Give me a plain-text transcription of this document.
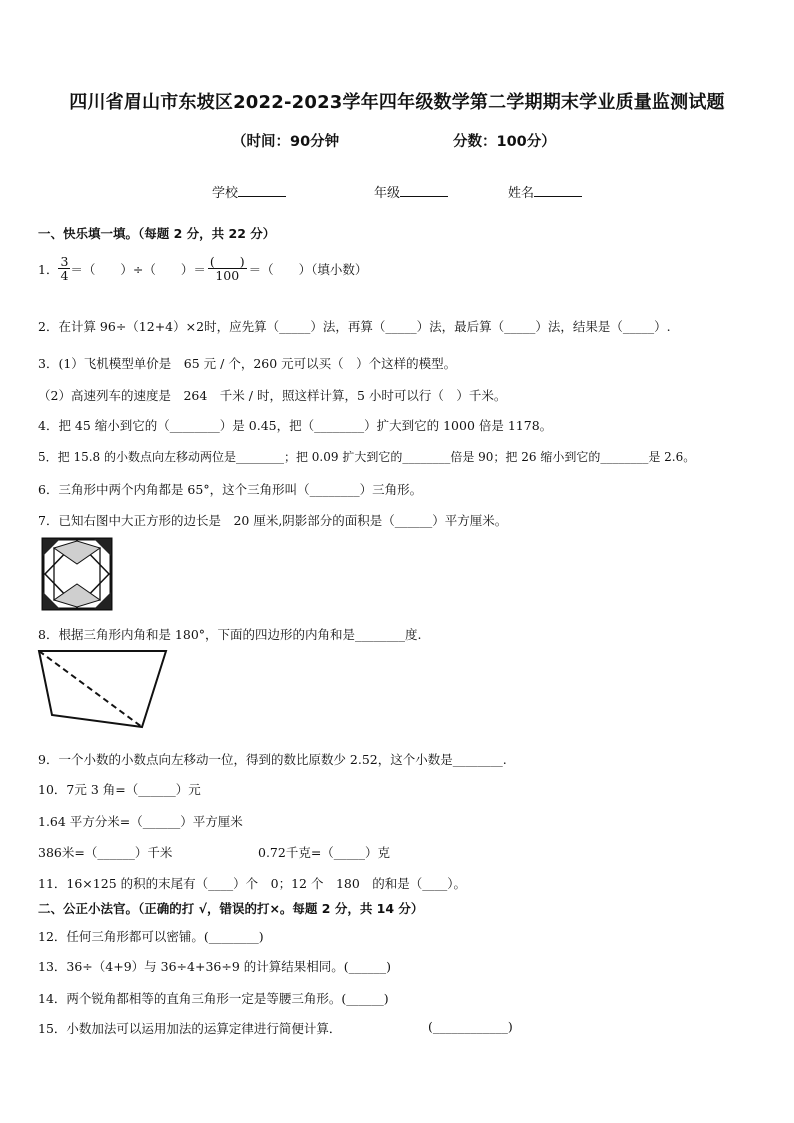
四川省眉山市东坡区2022-2023学年四年级数学第二学期期末学业质量监测试题
（时间：90分钟	分数：100分）
学校	年级	姓名
一、快乐填一填。（每题 2 分，共 22 分）
1． $\frac{3}{4}$ ＝（　　）÷（　　）＝ $\frac{( )}{100}$ ＝（　　）（填小数）
2．在计算 96÷（12+4）×2时，应先算（_____）法，再算（_____）法，最后算（_____）法，结果是（_____）.
3．(1）飞机模型单价是　65 元 / 个，260 元可以买（　）个这样的模型。
（2）高速列车的速度是　264　千米 / 时，照这样计算，5 小时可以行（　）千米。
4．把 45 缩小到它的（________）是 0.45，把（________）扩大到它的 1000 倍是 1178。
5．把 15.8 的小数点向左移动两位是________；把 0.09 扩大到它的________倍是 90；把 26 缩小到它的________是 2.6。
6．三角形中两个内角都是 65°，这个三角形叫（________）三角形。
7．已知右图中大正方形的边长是　20 厘米,阴影部分的面积是（______）平方厘米。
8．根据三角形内角和是 180°，下面的四边形的内角和是________度.
9．一个小数的小数点向左移动一位，得到的数比原数少 2.52，这个小数是________.
10．7元 3 角=（______）元
1.64 平方分米=（______）平方厘米
386米=（______）千米	0.72千克=（_____）克
11．16×125 的积的末尾有（____）个　0；12 个　180　的和是（____）。
二、公正小法官。（正确的打 √，错误的打×。每题 2 分，共 14 分）
12．任何三角形都可以密铺。(________)
13．36÷（4+9）与 36÷4+36÷9 的计算结果相同。(______)
14．两个锐角都相等的直角三角形一定是等腰三角形。(______)
15．小数加法可以运用加法的运算定律进行简便计算．	(____________)
